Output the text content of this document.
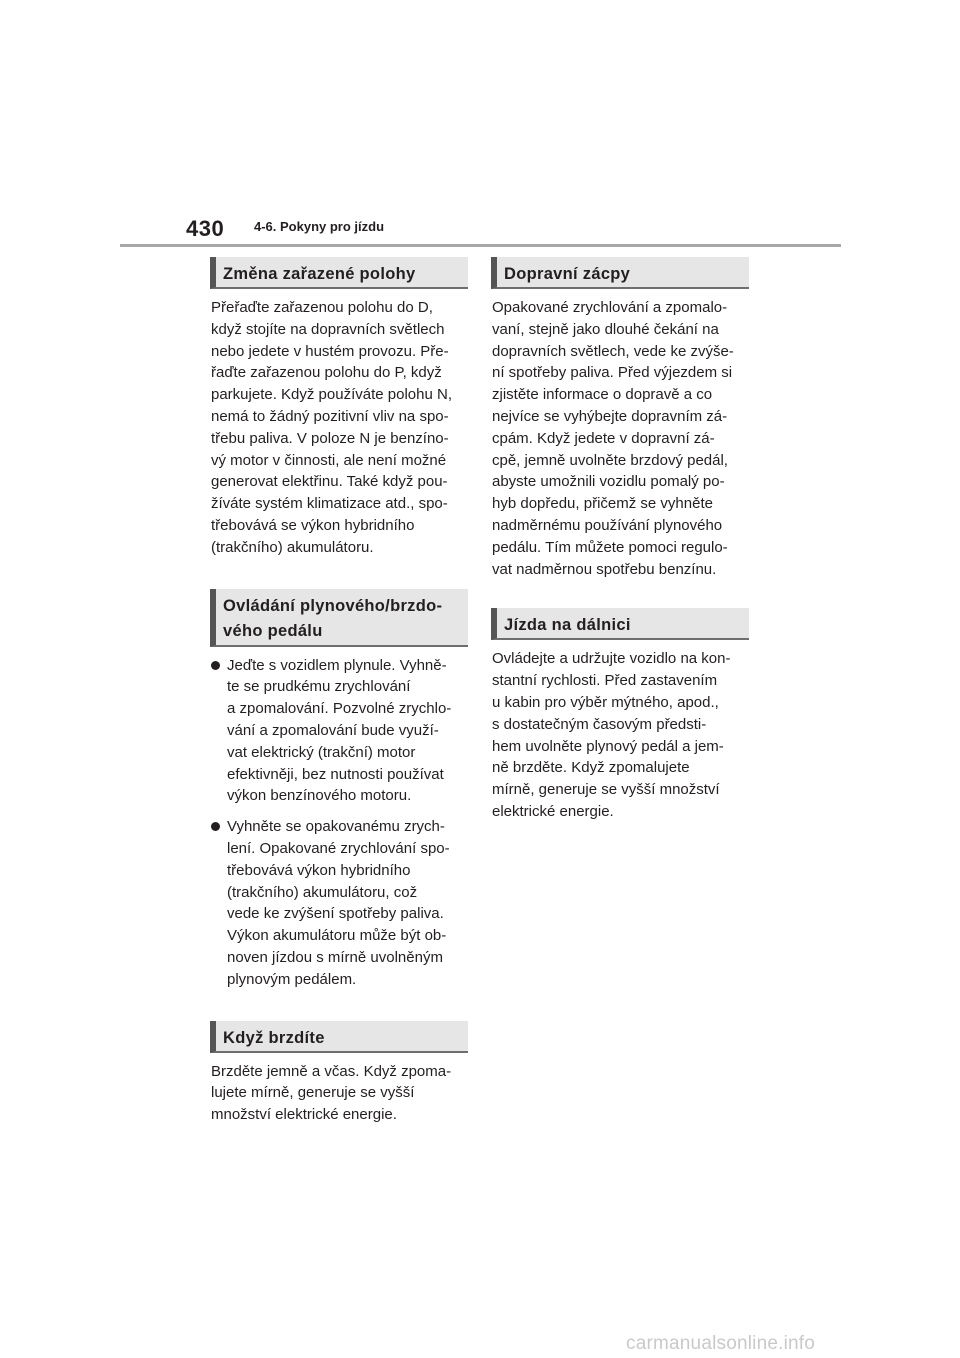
430 4-6. Pokyny pro jízdu
Změna zařazené polohy

Přeřaďte zařazenou polohu do D,
když stojíte na dopravních světlech
nebo jedete v hustém provozu. Pře-
řaďte zařazenou polohu do P, když
parkujete. Když používáte polohu N,
nemá to žádný pozitivní vliv na spo-
třebu paliva. V poloze N je benzíno-
vý motor v činnosti, ale není možné
generovat elektřinu. Také když pou-
žíváte systém klimatizace atd., spo-
třebovává se výkon hybridního
(trakčního) akumulátoru.

Ovládání plynového/brzdo-
vého pedálu

Jeďte s vozidlem plynule. Vyhně-
te se prudkému zrychlování
a zpomalování. Pozvolné zrychlo-
vání a zpomalování bude využí-
vat elektrický (trakční) motor
efektivněji, bez nutnosti používat
výkon benzínového motoru.

Vyhněte se opakovanému zrych-
lení. Opakované zrychlování spo-
třebovává výkon hybridního
(trakčního) akumulátoru, což
vede ke zvýšení spotřeby paliva.
Výkon akumulátoru může být ob-
noven jízdou s mírně uvolněným
plynovým pedálem.

Když brzdíte

Brzděte jemně a včas. Když zpoma-
lujete mírně, generuje se vyšší
množství elektrické energie.

Dopravní zácpy

Opakované zrychlování a zpomalo-
vaní, stejně jako dlouhé čekání na
dopravních světlech, vede ke zvýše-
ní spotřeby paliva. Před výjezdem si
zjistěte informace o dopravě a co
nejvíce se vyhýbejte dopravním zá-
cpám. Když jedete v dopravní zá-
cpě, jemně uvolněte brzdový pedál,
abyste umožnili vozidlu pomalý po-
hyb dopředu, přičemž se vyhněte
nadměrnému používání plynového
pedálu. Tím můžete pomoci regulo-
vat nadměrnou spotřebu benzínu.

Jízda na dálnici

Ovládejte a udržujte vozidlo na kon-
stantní rychlosti. Před zastavením
u kabin pro výběr mýtného, apod.,
s dostatečným časovým předsti-
hem uvolněte plynový pedál a jem-
ně brzděte. Když zpomalujete
mírně, generuje se vyšší množství
elektrické energie.

carmanualsonline.info
